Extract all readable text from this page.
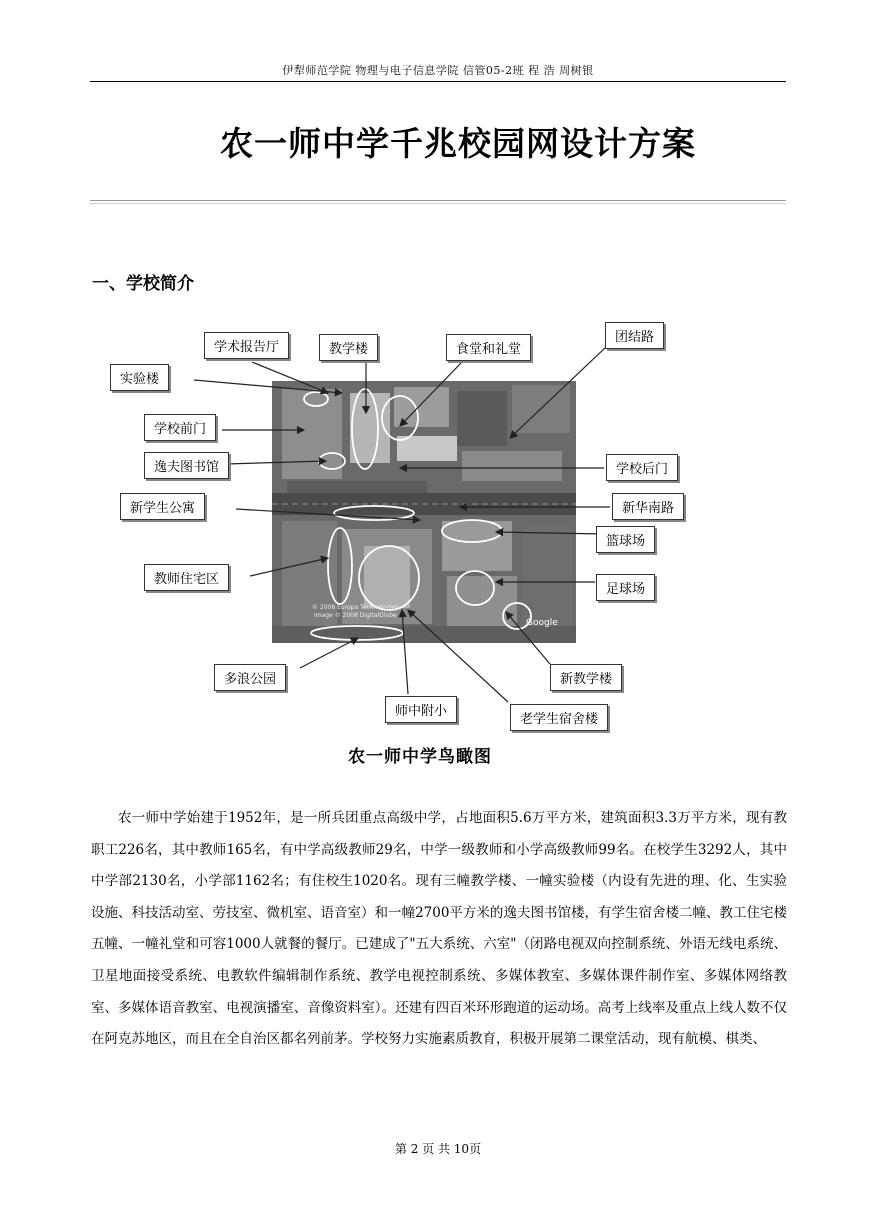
伊犁师范学院 物理与电子信息学院 信管05-2班 程 浩 周树银
农一师中学千兆校园网设计方案
一、学校简介
© 2008 Europa Technologies
Image © 2008 DigitalGlobe
Google
学术报告厅	教学楼	食堂和礼堂
团结路
实验楼
学校前门
逸夫图书馆	学校后门
新学生公寓	新华南路
篮球场
教师住宅区
足球场
多浪公园	新教学楼
师中附小
老学生宿舍楼
农一师中学鸟瞰图
农一师中学始建于1952年，是一所兵团重点高级中学，占地面积5.6万平方米，建筑面积3.3万平方米，现有教职工226名，其中教师165名，有中学高级教师29名，中学一级教师和小学高级教师99名。在校学生3292人，其中中学部2130名，小学部1162名；有住校生1020名。现有三幢教学楼、一幢实验楼（内设有先进的理、化、生实验设施、科技活动室、劳技室、微机室、语音室）和一幢2700平方米的逸夫图书馆楼，有学生宿舍楼二幢、教工住宅楼五幢、一幢礼堂和可容1000人就餐的餐厅。已建成了"五大系统、六室"（闭路电视双向控制系统、外语无线电系统、卫星地面接受系统、电教软件编辑制作系统、教学电视控制系统、多媒体教室、多媒体课件制作室、多媒体网络教室、多媒体语音教室、电视演播室、音像资料室）。还建有四百米环形跑道的运动场。高考上线率及重点上线人数不仅在阿克苏地区，而且在全自治区都名列前茅。学校努力实施素质教育，积极开展第二课堂活动，现有航模、棋类、
第 2 页 共 10页
